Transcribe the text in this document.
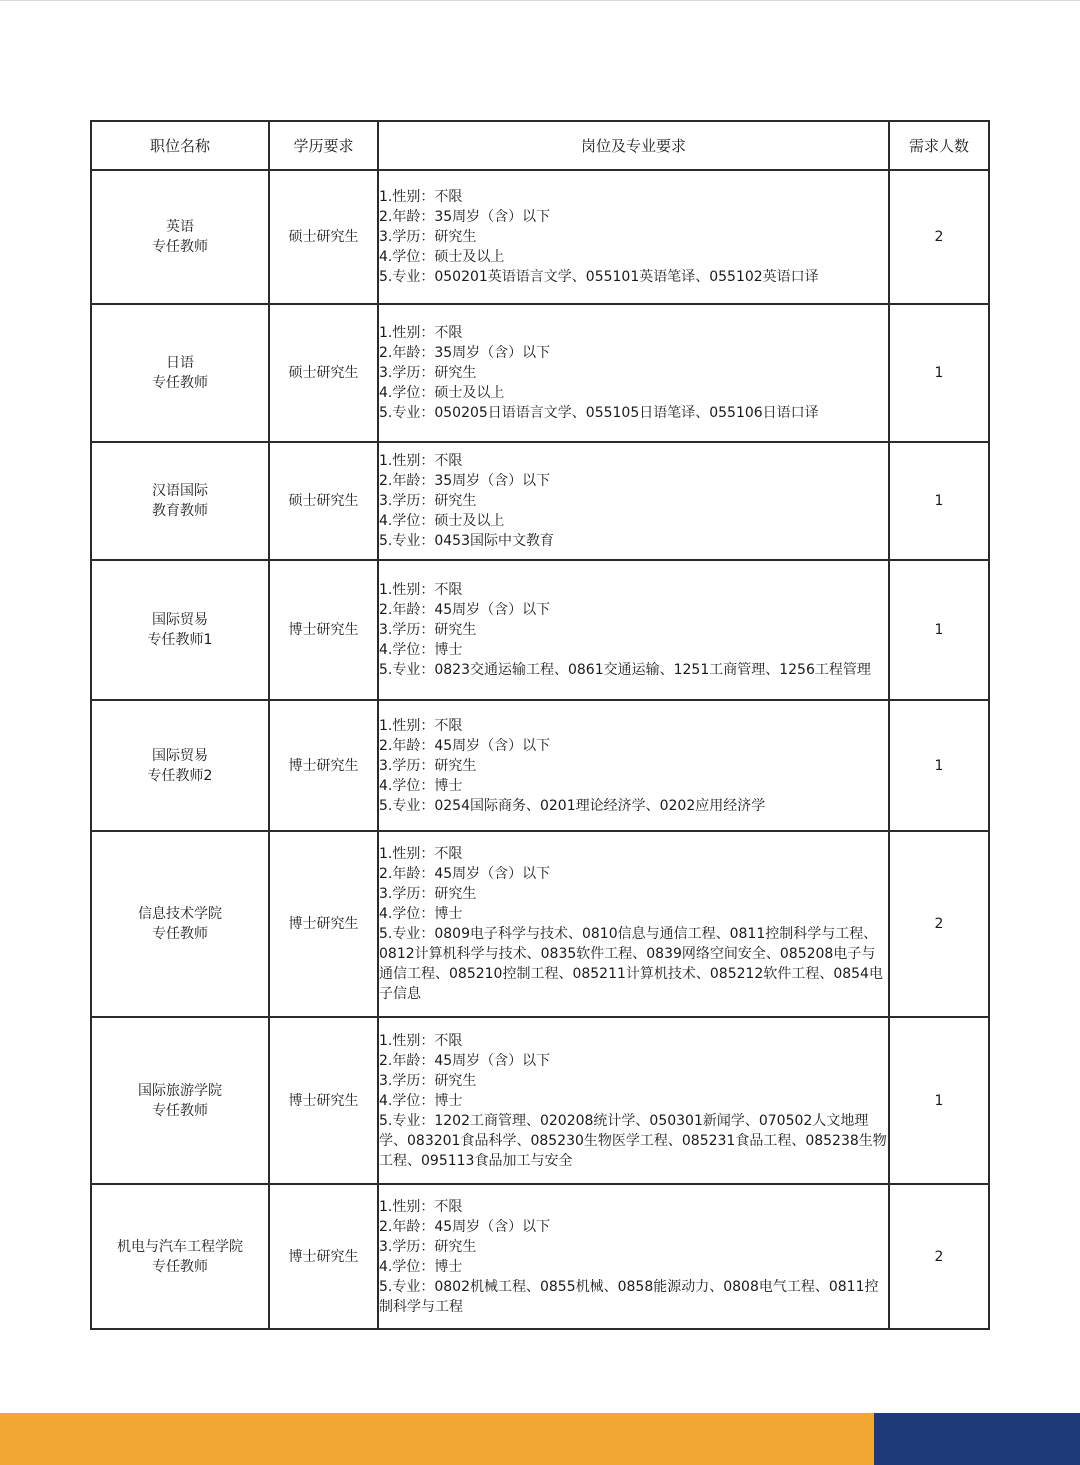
职位名称	学历要求	岗位及专业要求	需求人数

英语
专任教师	硕士研究生	1.性别：不限
2.年龄：35周岁（含）以下
3.学历：研究生
4.学位：硕士及以上
5.专业：050201英语语言文学、055101英语笔译、055102英语口译	2

日语
专任教师	硕士研究生	1.性别：不限
2.年龄：35周岁（含）以下
3.学历：研究生
4.学位：硕士及以上
5.专业：050205日语语言文学、055105日语笔译、055106日语口译	1

汉语国际
教育教师	硕士研究生	1.性别：不限
2.年龄：35周岁（含）以下
3.学历：研究生
4.学位：硕士及以上
5.专业：0453国际中文教育	1

国际贸易
专任教师1	博士研究生	1.性别：不限
2.年龄：45周岁（含）以下
3.学历：研究生
4.学位：博士
5.专业：0823交通运输工程、0861交通运输、1251工商管理、1256工程管理	1

国际贸易
专任教师2	博士研究生	1.性别：不限
2.年龄：45周岁（含）以下
3.学历：研究生
4.学位：博士
5.专业：0254国际商务、0201理论经济学、0202应用经济学	1

信息技术学院
专任教师	博士研究生	1.性别：不限
2.年龄：45周岁（含）以下
3.学历：研究生
4.学位：博士
5.专业：0809电子科学与技术、0810信息与通信工程、0811控制科学与工程、0812计算机科学与技术、0835软件工程、0839网络空间安全、085208电子与通信工程、085210控制工程、085211计算机技术、085212软件工程、0854电子信息	2

国际旅游学院
专任教师	博士研究生	1.性别：不限
2.年龄：45周岁（含）以下
3.学历：研究生
4.学位：博士
5.专业：1202工商管理、020208统计学、050301新闻学、070502人文地理学、083201食品科学、085230生物医学工程、085231食品工程、085238生物工程、095113食品加工与安全	1

机电与汽车工程学院
专任教师	博士研究生	1.性别：不限
2.年龄：45周岁（含）以下
3.学历：研究生
4.学位：博士
5.专业：0802机械工程、0855机械、0858能源动力、0808电气工程、0811控制科学与工程	2
